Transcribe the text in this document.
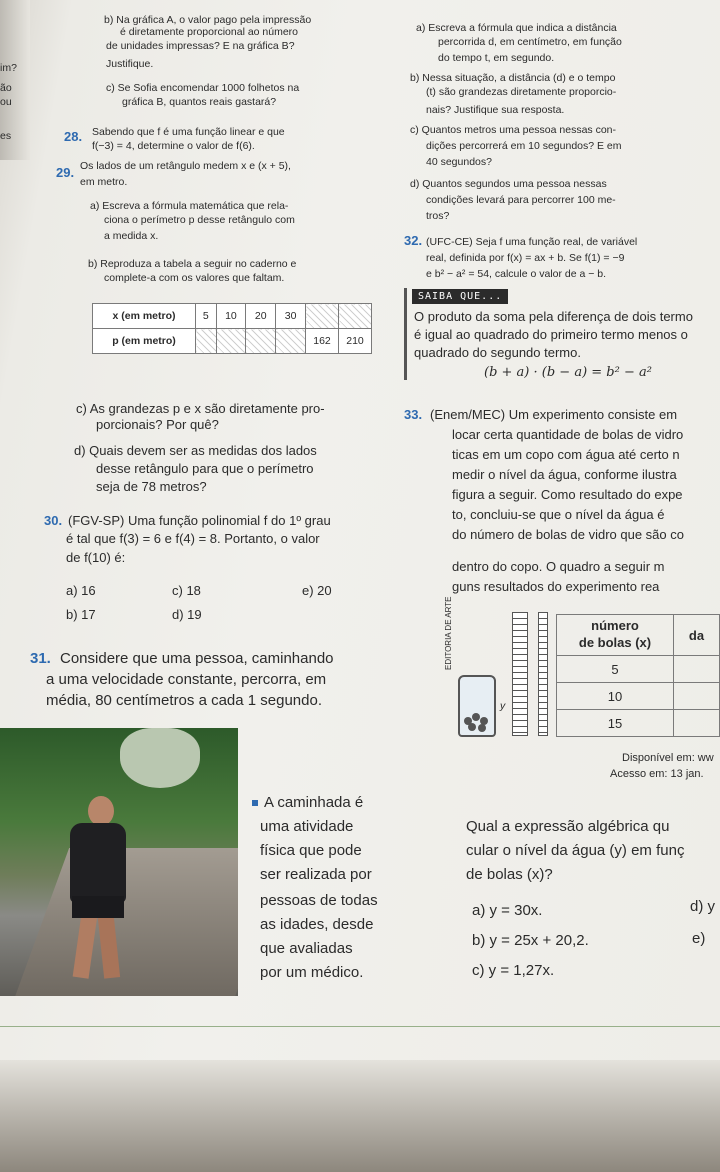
im?
ão
ou
es
b) Na gráfica A, o valor pago pela impressão
é diretamente proporcional ao número
de unidades impressas? E na gráfica B?
Justifique.
c) Se Sofia encomendar 1000 folhetos na
gráfica B, quantos reais gastará?
28. Sabendo que f é uma função linear e que
f(−3) = 4, determine o valor de f(6).
29. Os lados de um retângulo medem x e (x + 5),
em metro.
a) Escreva a fórmula matemática que rela-
ciona o perímetro p desse retângulo com
a medida x.
b) Reproduza a tabela a seguir no caderno e
complete-a com os valores que faltam.
x (em metro)	5	10	20	30		
p (em metro)					162	210
c) As grandezas p e x são diretamente pro-
porcionais? Por quê?
d) Quais devem ser as medidas dos lados
desse retângulo para que o perímetro
seja de 78 metros?
30. (FGV-SP) Uma função polinomial f do 1º grau
é tal que f(3) = 6 e f(4) = 8. Portanto, o valor
de f(10) é:
a) 16
b) 17
c) 18
d) 19
e) 20
31. Considere que uma pessoa, caminhando
a uma velocidade constante, percorra, em
média, 80 centímetros a cada 1 segundo.
A caminhada é
uma atividade
física que pode
ser realizada por
pessoas de todas
as idades, desde
que avaliadas
por um médico.
a) Escreva a fórmula que indica a distância
percorrida d, em centímetro, em função
do tempo t, em segundo.
b) Nessa situação, a distância (d) e o tempo
(t) são grandezas diretamente proporcio-
nais? Justifique sua resposta.
c) Quantos metros uma pessoa nessas con-
dições percorrerá em 10 segundos? E em
40 segundos?
d) Quantos segundos uma pessoa nessas
condições levará para percorrer 100 me-
tros?
32. (UFC-CE) Seja f uma função real, de variável
real, definida por f(x) = ax + b. Se f(1) = −9
e b² − a² = 54, calcule o valor de a − b.
SAIBA QUE...
O produto da soma pela diferença de dois termo
é igual ao quadrado do primeiro termo menos o
quadrado do segundo termo.
(b + a) · (b − a) = b² − a²
33. (Enem/MEC) Um experimento consiste em
locar certa quantidade de bolas de vidro
ticas em um copo com água até certo n
medir o nível da água, conforme ilustra
figura a seguir. Como resultado do expe
to, concluiu-se que o nível da água é
do número de bolas de vidro que são co
dentro do copo. O quadro a seguir m
guns resultados do experimento rea
EDITORIA DE ARTE
y
número
de bolas (x)	da
5	
10	
15	
Disponível em: ww
Acesso em: 13 jan.
Qual a expressão algébrica qu
cular o nível da água (y) em funç
de bolas (x)?
a) y = 30x.
b) y = 25x + 20,2.
c) y = 1,27x.
d) y
e)
